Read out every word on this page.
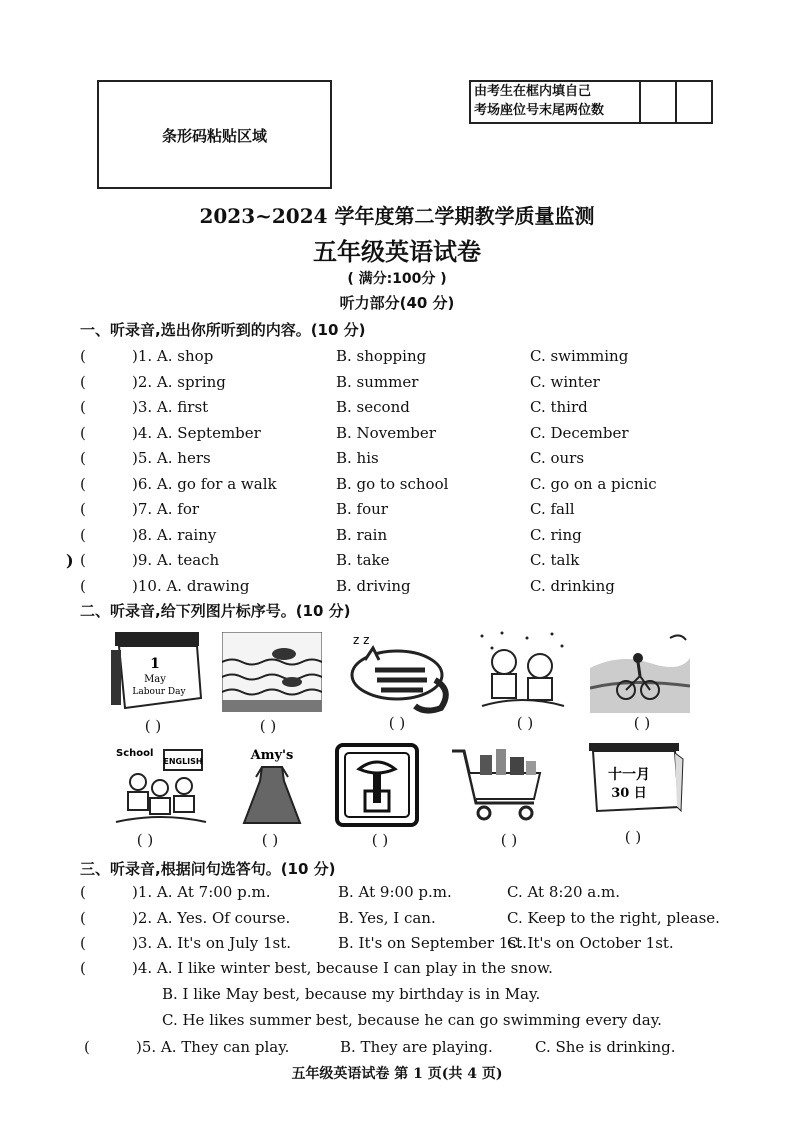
条形码粘贴区域
由考生在框内填自己
考场座位号末尾两位数
2023~2024 学年度第二学期教学质量监测
五年级英语试卷
( 满分:100分 )
听力部分(40 分)
一、听录音,选出你所听到的内容。(10 分)
(	)1. A. shop	B. shopping	C. swimming
(	)2. A. spring	B. summer	C. winter
(	)3. A. first	B. second	C. third
(	)4. A. September	B. November	C. December
(	)5. A. hers	B. his	C. ours
(	)6. A. go for a walk	B. go to school	C. go on a picnic
(	)7. A. for	B. four	C. fall
(	)8. A. rainy	B. rain	C. ring
(	)9. A. teach	B. take	C. talk
(	)10. A. drawing	B. driving	C. drinking
)
二、听录音,给下列图片标序号。(10 分)
1
May
Labour Day
z z
( )	( )	( )	( )	( )
School
ENGLISH	Amy's
十一月
30 日
( )	( )	( )	( )	( )
三、听录音,根据问句选答句。(10 分)
(	)1. A. At 7:00 p.m.	B. At 9:00 p.m.	C. At 8:20 a.m.
(	)2. A. Yes. Of course.	B. Yes, I can.	C. Keep to the right, please.
(	)3. A. It's on July 1st.	B. It's on September 1st.
C. It's on October 1st.
(	)4. A. I like winter best, because I can play in the snow.
B. I like May best, because my birthday is in May.
C. He likes summer best, because he can go swimming every day.
(	)5. A. They can play.	B. They are playing.	C. She is drinking.
五年级英语试卷 第 1 页(共 4 页)
